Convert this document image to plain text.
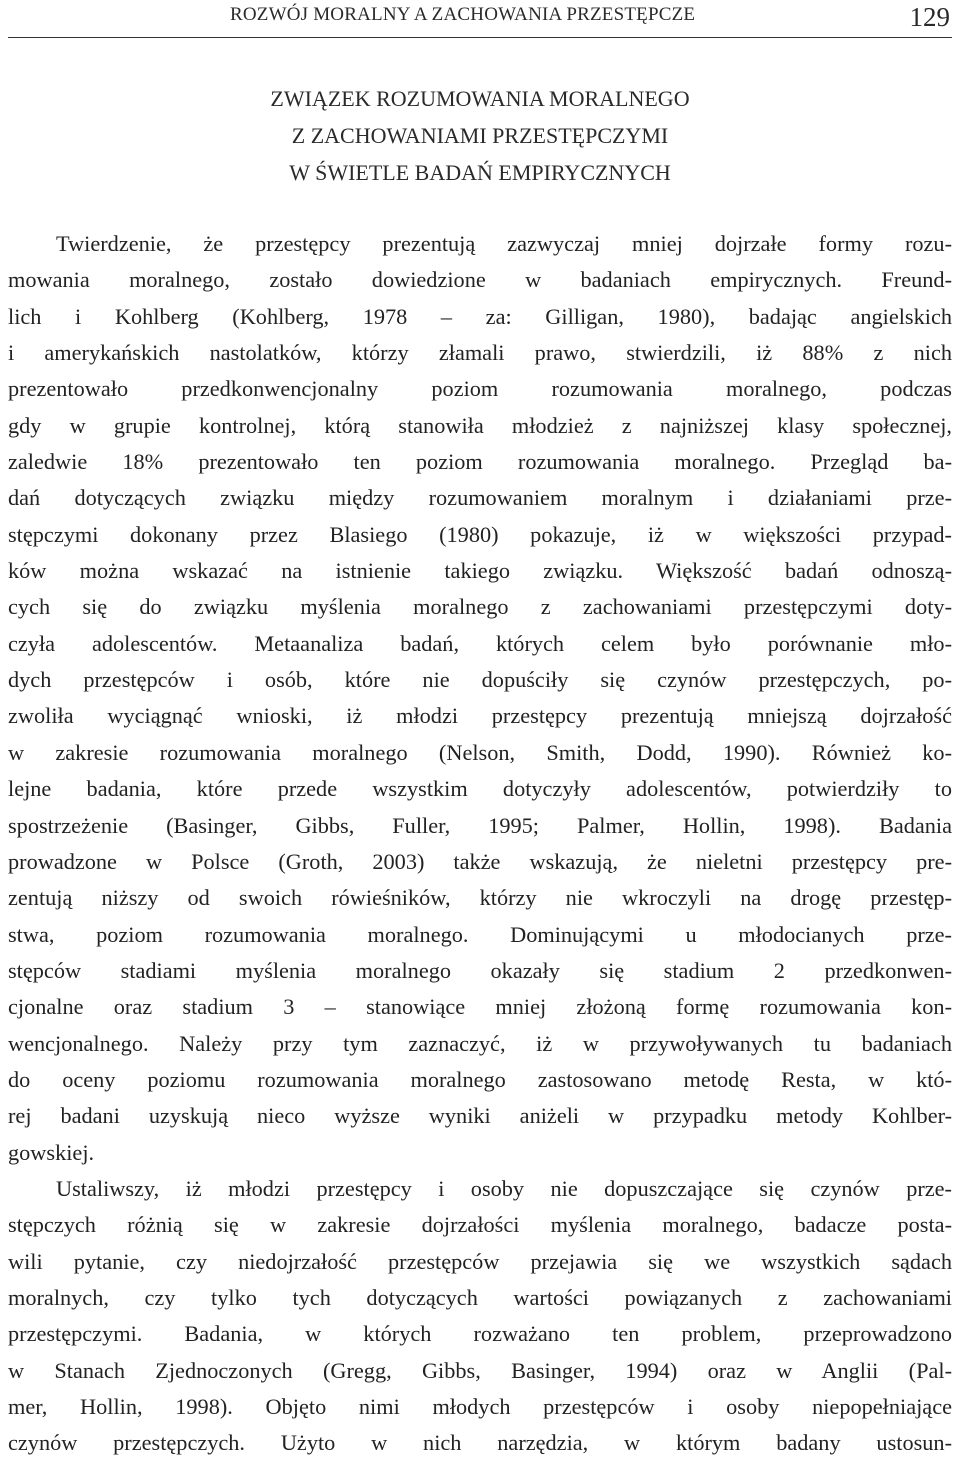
ROZWÓJ MORALNY A ZACHOWANIA PRZESTĘPCZE	129
ZWIĄZEK ROZUMOWANIA MORALNEGO
Z ZACHOWANIAMI PRZESTĘPCZYMI
W ŚWIETLE BADAŃ EMPIRYCZNYCH
Twierdzenie, że przestępcy prezentują zazwyczaj mniej dojrzałe formy rozu-
mowania moralnego, zostało dowiedzione w badaniach empirycznych. Freund-
lich i Kohlberg (Kohlberg, 1978 – za: Gilligan, 1980), badając angielskich
i amerykańskich nastolatków, którzy złamali prawo, stwierdzili, iż 88% z nich
prezentowało przedkonwencjonalny poziom rozumowania moralnego, podczas
gdy w grupie kontrolnej, którą stanowiła młodzież z najniższej klasy społecznej,
zaledwie 18% prezentowało ten poziom rozumowania moralnego. Przegląd ba-
dań dotyczących związku między rozumowaniem moralnym i działaniami prze-
stępczymi dokonany przez Blasiego (1980) pokazuje, iż w większości przypad-
ków można wskazać na istnienie takiego związku. Większość badań odnoszą-
cych się do związku myślenia moralnego z zachowaniami przestępczymi doty-
czyła adolescentów. Metaanaliza badań, których celem było porównanie mło-
dych przestępców i osób, które nie dopuściły się czynów przestępczych, po-
zwoliła wyciągnąć wnioski, iż młodzi przestępcy prezentują mniejszą dojrzałość
w zakresie rozumowania moralnego (Nelson, Smith, Dodd, 1990). Również ko-
lejne badania, które przede wszystkim dotyczyły adolescentów, potwierdziły to
spostrzeżenie (Basinger, Gibbs, Fuller, 1995; Palmer, Hollin, 1998). Badania
prowadzone w Polsce (Groth, 2003) także wskazują, że nieletni przestępcy pre-
zentują niższy od swoich rówieśników, którzy nie wkroczyli na drogę przestęp-
stwa, poziom rozumowania moralnego. Dominującymi u młodocianych prze-
stępców stadiami myślenia moralnego okazały się stadium 2 przedkonwen-
cjonalne oraz stadium 3 – stanowiące mniej złożoną formę rozumowania kon-
wencjonalnego. Należy przy tym zaznaczyć, iż w przywoływanych tu badaniach
do oceny poziomu rozumowania moralnego zastosowano metodę Resta, w któ-
rej badani uzyskują nieco wyższe wyniki aniżeli w przypadku metody Kohlber-
gowskiej.
Ustaliwszy, iż młodzi przestępcy i osoby nie dopuszczające się czynów prze-
stępczych różnią się w zakresie dojrzałości myślenia moralnego, badacze posta-
wili pytanie, czy niedojrzałość przestępców przejawia się we wszystkich sądach
moralnych, czy tylko tych dotyczących wartości powiązanych z zachowaniami
przestępczymi. Badania, w których rozważano ten problem, przeprowadzono
w Stanach Zjednoczonych (Gregg, Gibbs, Basinger, 1994) oraz w Anglii (Pal-
mer, Hollin, 1998). Objęto nimi młodych przestępców i osoby niepopełniające
czynów przestępczych. Użyto w nich narzędzia, w którym badany ustosun-
